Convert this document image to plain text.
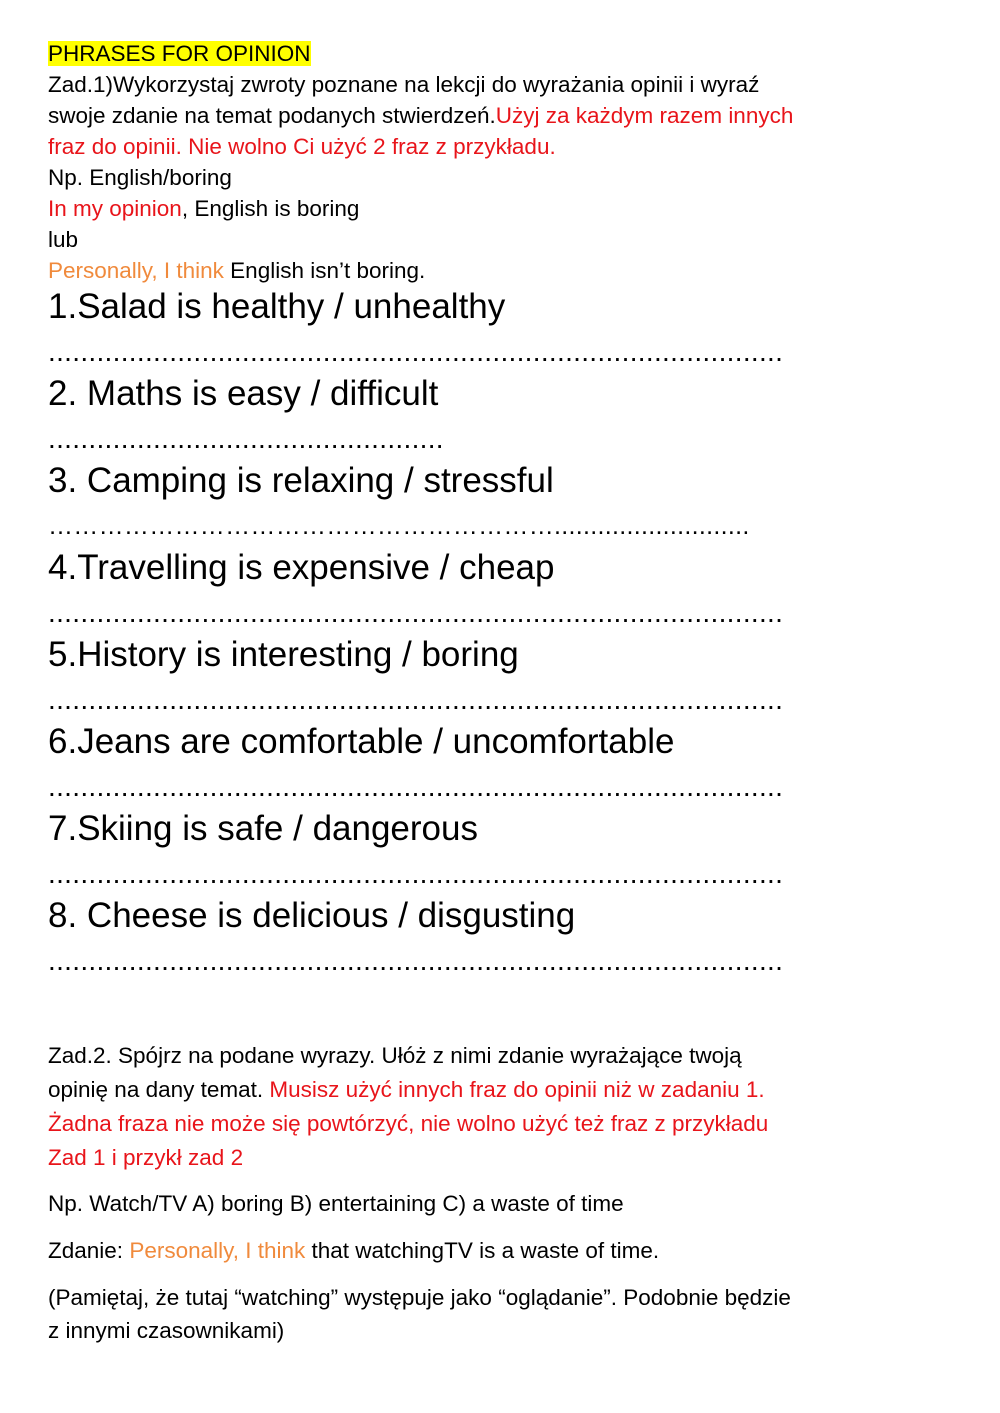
PHRASES FOR OPINION
Zad.1)Wykorzystaj zwroty poznane na lekcji do wyrażania opinii i wyraź
swoje zdanie na temat podanych stwierdzeń.Użyj za każdym razem innych
fraz do opinii. Nie wolno Ci użyć 2 fraz z przykładu.
Np. English/boring
In my opinion, English is boring
lub
Personally, I think English isn’t boring.
1.Salad is healthy / unhealthy
...........................................................................................
2. Maths is easy / difficult
.................................................
3. Camping is relaxing / stressful
……………………………………………………...........................
4.Travelling is expensive / cheap
...........................................................................................
5.History is interesting / boring
...........................................................................................
6.Jeans are comfortable / uncomfortable
...........................................................................................
7.Skiing is safe / dangerous
...........................................................................................
8. Cheese is delicious / disgusting
...........................................................................................
Zad.2. Spójrz na podane wyrazy. Ułóż z nimi zdanie wyrażające twoją
opinię na dany temat. Musisz użyć innych fraz do opinii niż w zadaniu 1.
Żadna fraza nie może się powtórzyć, nie wolno użyć też fraz z przykładu
Zad 1 i przykł zad 2
Np. Watch/TV A) boring B) entertaining C) a waste of time
Zdanie: Personally, I think that watchingTV is a waste of time.
(Pamiętaj, że tutaj “watching” występuje jako “oglądanie”. Podobnie będzie
z innymi czasownikami)
